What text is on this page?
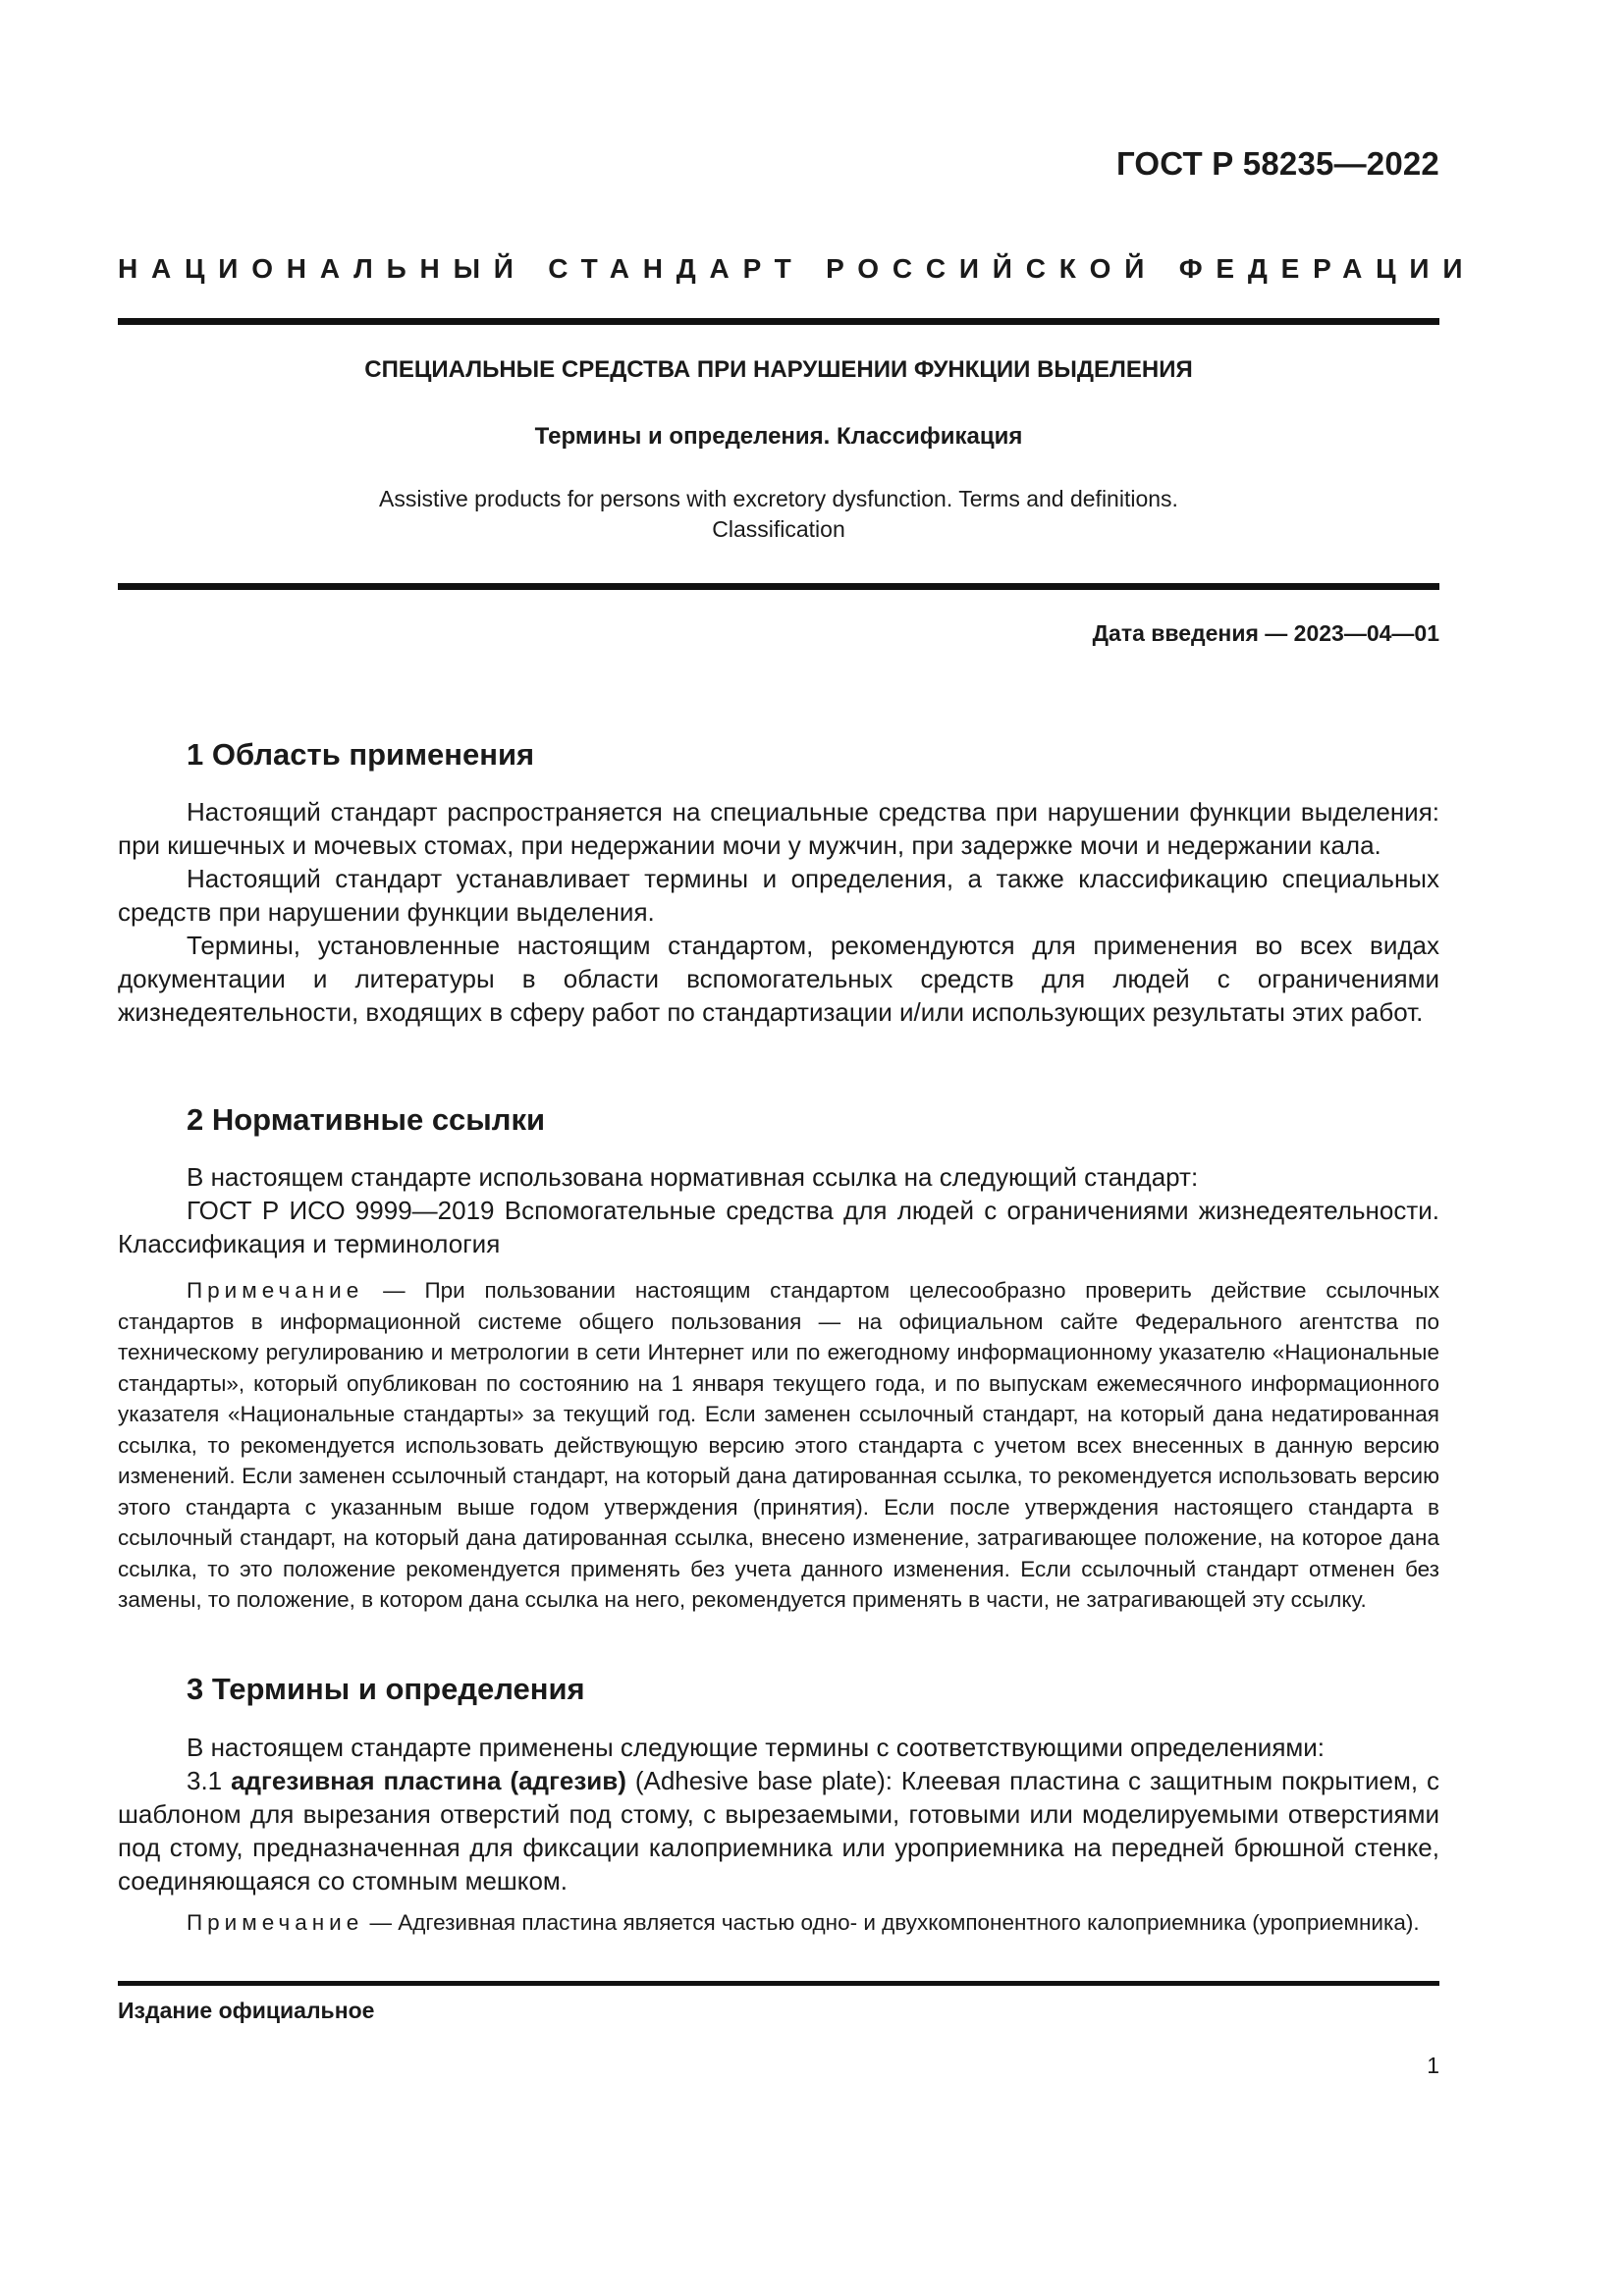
ГОСТ Р 58235—2022
НАЦИОНАЛЬНЫЙ СТАНДАРТ РОССИЙСКОЙ ФЕДЕРАЦИИ
СПЕЦИАЛЬНЫЕ СРЕДСТВА ПРИ НАРУШЕНИИ ФУНКЦИИ ВЫДЕЛЕНИЯ
Термины и определения. Классификация
Assistive products for persons with excretory dysfunction. Terms and definitions.
Classification
Дата введения — 2023—04—01
1 Область применения

Настоящий стандарт распространяется на специальные средства при нарушении функции выделения: при кишечных и мочевых стомах, при недержании мочи у мужчин, при задержке мочи и недержании кала.

Настоящий стандарт устанавливает термины и определения, а также классификацию специальных средств при нарушении функции выделения.

Термины, установленные настоящим стандартом, рекомендуются для применения во всех видах документации и литературы в области вспомогательных средств для людей с ограничениями жизнедеятельности, входящих в сферу работ по стандартизации и/или использующих результаты этих работ.

2 Нормативные ссылки

В настоящем стандарте использована нормативная ссылка на следующий стандарт:

ГОСТ Р ИСО 9999—2019 Вспомогательные средства для людей с ограничениями жизнедеятельности. Классификация и терминология

Примечание — При пользовании настоящим стандартом целесообразно проверить действие ссылочных стандартов в информационной системе общего пользования — на официальном сайте Федерального агентства по техническому регулированию и метрологии в сети Интернет или по ежегодному информационному указателю «Национальные стандарты», который опубликован по состоянию на 1 января текущего года, и по выпускам ежемесячного информационного указателя «Национальные стандарты» за текущий год. Если заменен ссылочный стандарт, на который дана недатированная ссылка, то рекомендуется использовать действующую версию этого стандарта с учетом всех внесенных в данную версию изменений. Если заменен ссылочный стандарт, на который дана датированная ссылка, то рекомендуется использовать версию этого стандарта с указанным выше годом утверждения (принятия). Если после утверждения настоящего стандарта в ссылочный стандарт, на который дана датированная ссылка, внесено изменение, затрагивающее положение, на которое дана ссылка, то это положение рекомендуется применять без учета данного изменения. Если ссылочный стандарт отменен без замены, то положение, в котором дана ссылка на него, рекомендуется применять в части, не затрагивающей эту ссылку.

3 Термины и определения

В настоящем стандарте применены следующие термины с соответствующими определениями:

3.1 адгезивная пластина (адгезив) (Adhesive base plate): Клеевая пластина с защитным покрытием, с шаблоном для вырезания отверстий под стому, с вырезаемыми, готовыми или моделируемыми отверстиями под стому, предназначенная для фиксации калоприемника или уроприемника на передней брюшной стенке, соединяющаяся со стомным мешком.

Примечание — Адгезивная пластина является частью одно- и двухкомпонентного калоприемника (уроприемника).

Издание официальное
1
